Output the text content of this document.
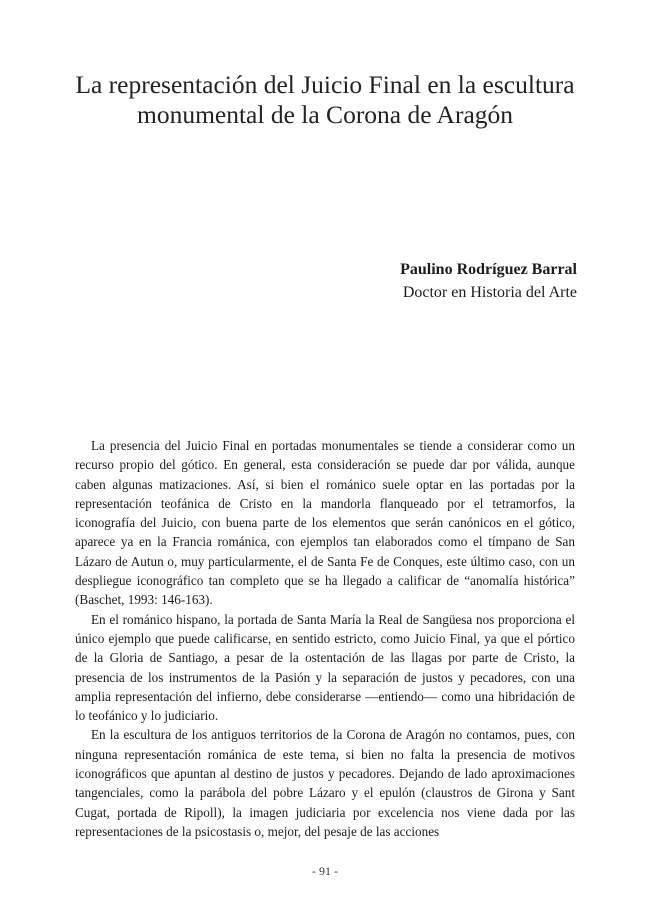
La representación del Juicio Final en la escultura
monumental de la Corona de Aragón
Paulino Rodríguez Barral
Doctor en Historia del Arte

La presencia del Juicio Final en portadas monumentales se tiende a considerar como un recurso propio del gótico. En general, esta consideración se puede dar por válida, aunque caben algunas matizaciones. Así, si bien el románico suele optar en las portadas por la representación teofánica de Cristo en la mandorla flanqueado por el tetramorfos, la iconografía del Juicio, con buena parte de los elementos que serán canónicos en el gótico, aparece ya en la Francia románica, con ejemplos tan elaborados como el tímpano de San Lázaro de Autun o, muy particularmente, el de Santa Fe de Conques, este último caso, con un despliegue iconográfico tan completo que se ha llegado a calificar de “anomalía histórica” (Baschet, 1993: 146-163).

En el románico hispano, la portada de Santa María la Real de Sangüesa nos proporciona el único ejemplo que puede calificarse, en sentido estricto, como Juicio Final, ya que el pórtico de la Gloria de Santiago, a pesar de la ostentación de las llagas por parte de Cristo, la presencia de los instrumentos de la Pasión y la separación de justos y pecadores, con una amplia representación del infierno, debe considerarse —entiendo— como una hibridación de lo teofánico y lo judiciario.

En la escultura de los antiguos territorios de la Corona de Aragón no contamos, pues, con ninguna representación románica de este tema, si bien no falta la presencia de motivos iconográficos que apuntan al destino de justos y pecadores. Dejando de lado aproximaciones tangenciales, como la parábola del pobre Lázaro y el epulón (claustros de Girona y Sant Cugat, portada de Ripoll), la imagen judiciaria por excelencia nos viene dada por las representaciones de la psicostasis o, mejor, del pesaje de las acciones

- 91 -
